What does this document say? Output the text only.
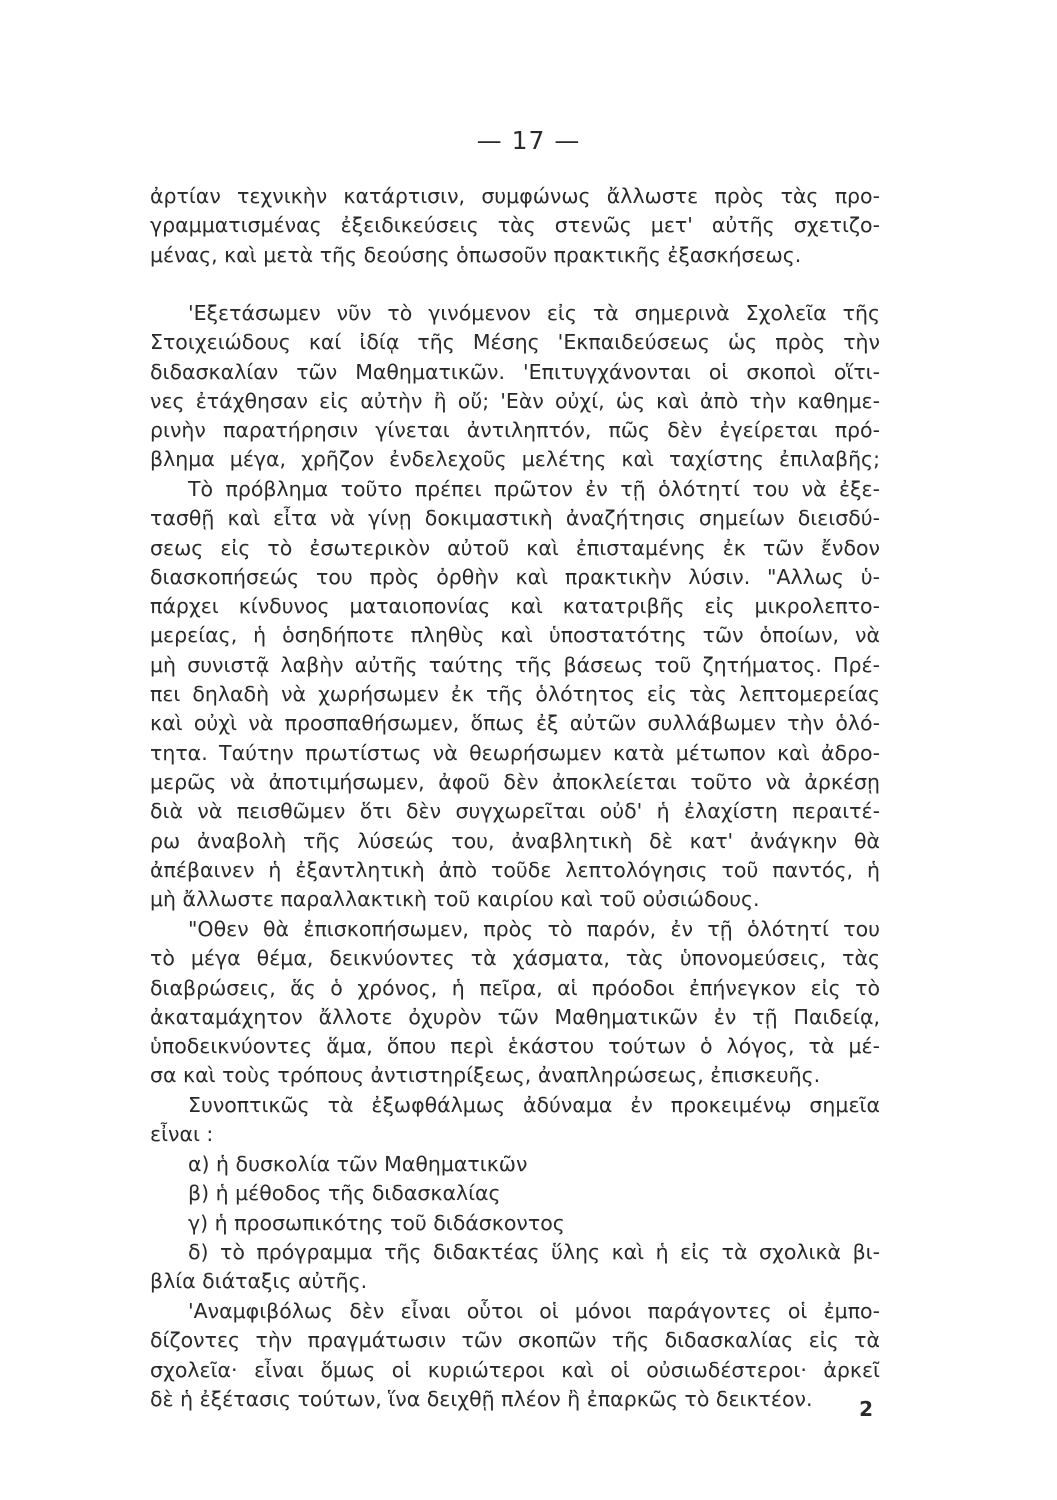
— 17 —
ἀρτίαν τεχνικὴν κατάρτισιν, συμφώνως ἄλλωστε πρὸς τὰς προ-
γραμματισμένας ἐξειδικεύσεις τὰς στενῶς μετ' αὐτῆς σχετιζο-
μένας, καὶ μετὰ τῆς δεούσης ὁπωσοῦν πρακτικῆς ἐξασκήσεως.
'Εξετάσωμεν νῦν τὸ γινόμενον εἰς τὰ σημερινὰ Σχολεῖα τῆς
Στοιχειώδους καί ἰδίᾳ τῆς Μέσης 'Εκπαιδεύσεως ὡς πρὸς τὴν
διδασκαλίαν τῶν Μαθηματικῶν. 'Επιτυγχάνονται οἱ σκοποὶ οἵτι-
νες ἐτάχθησαν εἰς αὐτὴν ἢ οὔ; 'Εὰν οὐχί, ὡς καὶ ἀπὸ τὴν καθημε-
ρινὴν παρατήρησιν γίνεται ἀντιληπτόν, πῶς δὲν ἐγείρεται πρό-
βλημα μέγα, χρῆζον ἐνδελεχοῦς μελέτης καὶ ταχίστης ἐπιλαβῆς;
Τὸ πρόβλημα τοῦτο πρέπει πρῶτον ἐν τῇ ὁλότητί του νὰ ἐξε-
τασθῇ καὶ εἶτα νὰ γίνῃ δοκιμαστικὴ ἀναζήτησις σημείων διεισδύ-
σεως εἰς τὸ ἐσωτερικὸν αὐτοῦ καὶ ἐπισταμένης ἐκ τῶν ἔνδον
διασκοπήσεώς του πρὸς ὀρθὴν καὶ πρακτικὴν λύσιν. "Αλλως ὑ-
πάρχει κίνδυνος ματαιοπονίας καὶ κατατριβῆς εἰς μικρολεπτο-
μερείας, ἡ ὁσηδήποτε πληθὺς καὶ ὑποστατότης τῶν ὁποίων, νὰ
μὴ συνιστᾷ λαβὴν αὐτῆς ταύτης τῆς βάσεως τοῦ ζητήματος. Πρέ-
πει δηλαδὴ νὰ χωρήσωμεν ἐκ τῆς ὁλότητος εἰς τὰς λεπτομερείας
καὶ οὐχὶ νὰ προσπαθήσωμεν, ὅπως ἐξ αὐτῶν συλλάβωμεν τὴν ὁλό-
τητα. Ταύτην πρωτίστως νὰ θεωρήσωμεν κατὰ μέτωπον καὶ ἀδρο-
μερῶς νὰ ἀποτιμήσωμεν, ἀφοῦ δὲν ἀποκλείεται τοῦτο νὰ ἀρκέσῃ
διὰ νὰ πεισθῶμεν ὅτι δὲν συγχωρεῖται οὐδ' ἡ ἐλαχίστη περαιτέ-
ρω ἀναβολὴ τῆς λύσεώς του, ἀναβλητικὴ δὲ κατ' ἀνάγκην θὰ
ἀπέβαινεν ἡ ἐξαντλητικὴ ἀπὸ τοῦδε λεπτολόγησις τοῦ παντός, ἡ
μὴ ἄλλωστε παραλλακτικὴ τοῦ καιρίου καὶ τοῦ οὐσιώδους.
"Οθεν θὰ ἐπισκοπήσωμεν, πρὸς τὸ παρόν, ἐν τῇ ὁλότητί του
τὸ μέγα θέμα, δεικνύοντες τὰ χάσματα, τὰς ὑπονομεύσεις, τὰς
διαβρώσεις, ἅς ὁ χρόνος, ἡ πεῖρα, αἱ πρόοδοι ἐπήνεγκον εἰς τὸ
ἀκαταμάχητον ἄλλοτε ὀχυρὸν τῶν Μαθηματικῶν ἐν τῇ Παιδείᾳ,
ὑποδεικνύοντες ἅμα, ὅπου περὶ ἑκάστου τούτων ὁ λόγος, τὰ μέ-
σα καὶ τοὺς τρόπους ἀντιστηρίξεως, ἀναπληρώσεως, ἐπισκευῆς.
Συνοπτικῶς τὰ ἐξωφθάλμως ἀδύναμα ἐν προκειμένῳ σημεῖα
εἶναι :
α) ἡ δυσκολία τῶν Μαθηματικῶν
β) ἡ μέθοδος τῆς διδασκαλίας
γ) ἡ προσωπικότης τοῦ διδάσκοντος
δ) τὸ πρόγραμμα τῆς διδακτέας ὕλης καὶ ἡ εἰς τὰ σχολικὰ βι-
βλία διάταξις αὐτῆς.
'Αναμφιβόλως δὲν εἶναι οὗτοι οἱ μόνοι παράγοντες οἱ ἐμπο-
δίζοντες τὴν πραγμάτωσιν τῶν σκοπῶν τῆς διδασκαλίας εἰς τὰ
σχολεῖα· εἶναι ὅμως οἱ κυριώτεροι καὶ οἱ οὐσιωδέστεροι· ἀρκεῖ
δὲ ἡ ἐξέτασις τούτων, ἵνα δειχθῇ πλέον ἢ ἐπαρκῶς τὸ δεικτέον.	2
